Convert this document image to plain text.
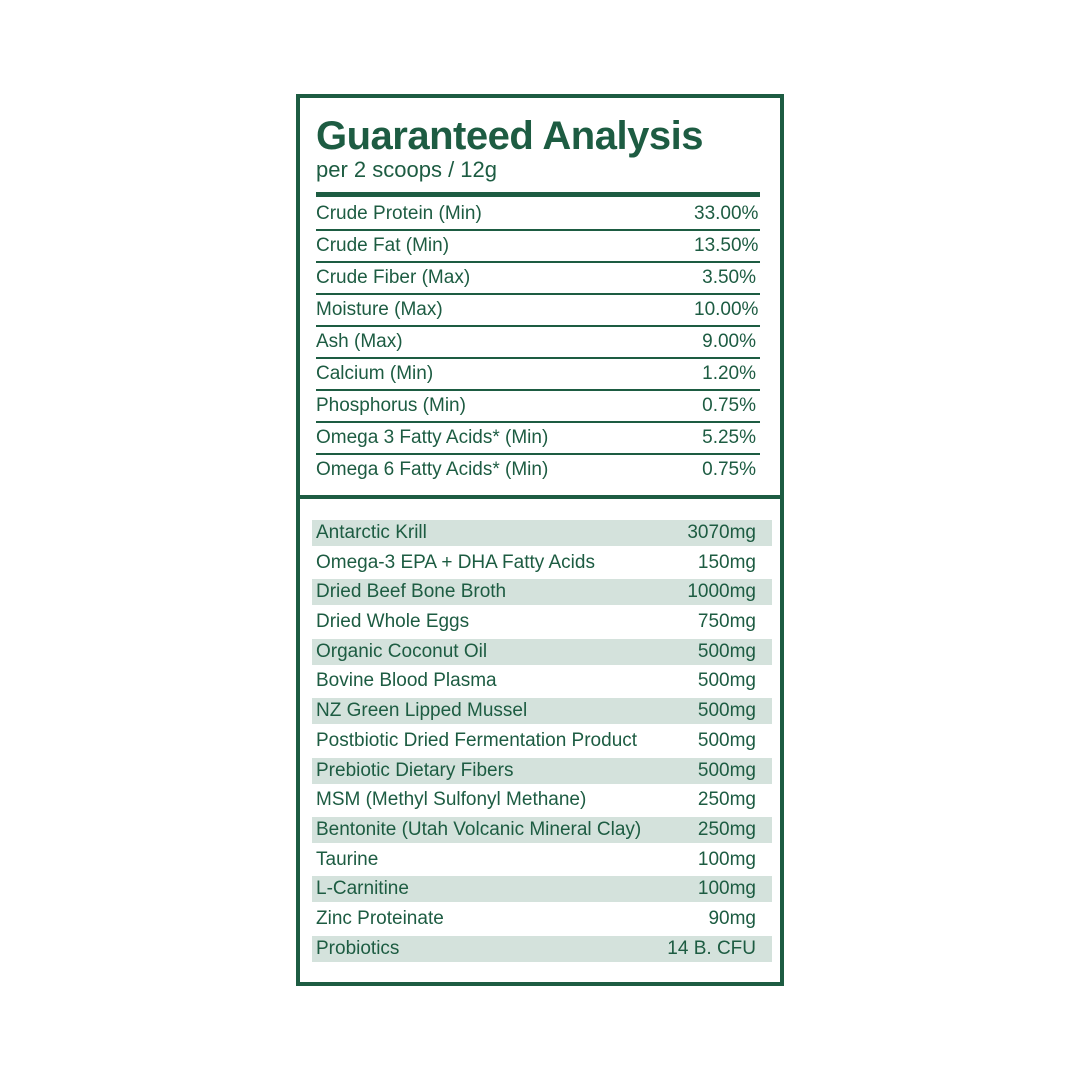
Guaranteed Analysis
per 2 scoops / 12g
Crude Protein (Min)	33.00%
Crude Fat (Min)	13.50%
Crude Fiber (Max)	3.50%
Moisture (Max)	10.00%
Ash (Max)	9.00%
Calcium (Min)	1.20%
Phosphorus (Min)	0.75%
Omega 3 Fatty Acids* (Min)	5.25%
Omega 6 Fatty Acids* (Min)	0.75%
Antarctic Krill	3070mg
Omega-3 EPA + DHA Fatty Acids	150mg
Dried Beef Bone Broth	1000mg
Dried Whole Eggs	750mg
Organic Coconut Oil	500mg
Bovine Blood Plasma	500mg
NZ Green Lipped Mussel	500mg
Postbiotic Dried Fermentation Product	500mg
Prebiotic Dietary Fibers	500mg
MSM (Methyl Sulfonyl Methane)	250mg
Bentonite (Utah Volcanic Mineral Clay)	250mg
Taurine	100mg
L-Carnitine	100mg
Zinc Proteinate	90mg
Probiotics	14 B. CFU
